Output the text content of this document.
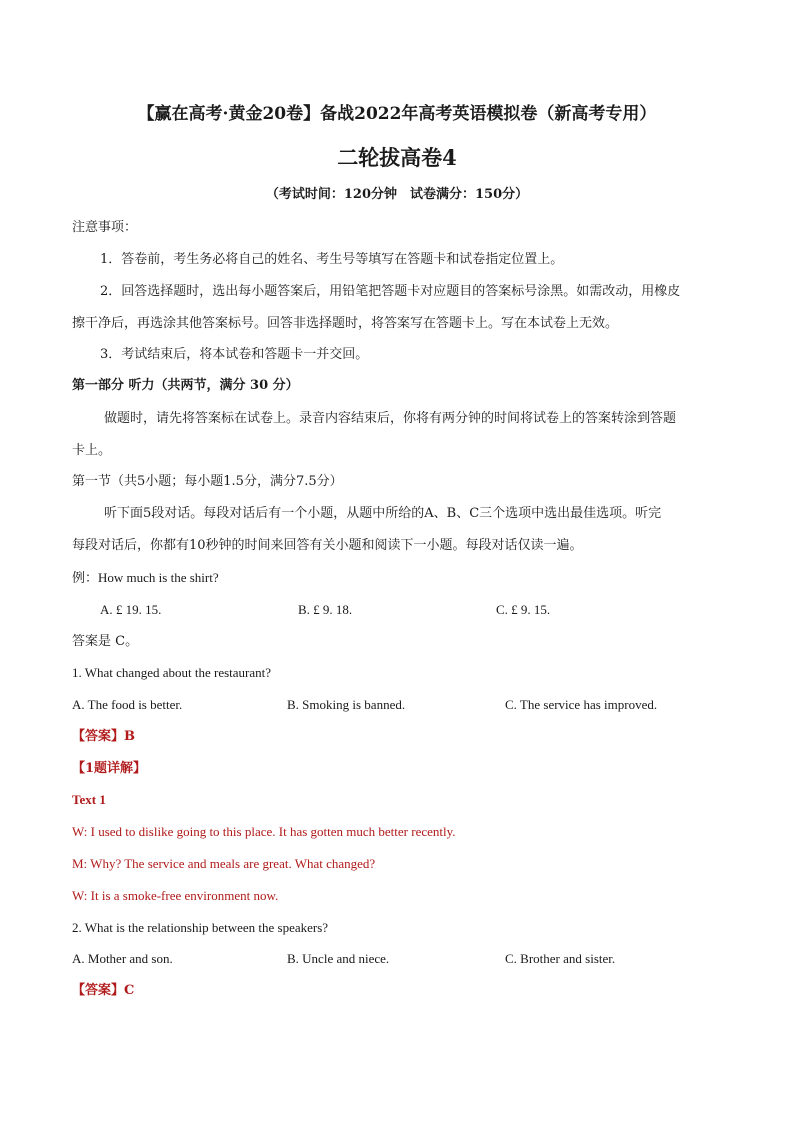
【赢在高考·黄金20卷】备战2022年高考英语模拟卷（新高考专用）
二轮拔高卷4
（考试时间：120分钟　试卷满分：150分）
注意事项：
1．答卷前，考生务必将自己的姓名、考生号等填写在答题卡和试卷指定位置上。
2．回答选择题时，选出每小题答案后，用铅笔把答题卡对应题目的答案标号涂黑。如需改动，用橡皮
擦干净后，再选涂其他答案标号。回答非选择题时，将答案写在答题卡上。写在本试卷上无效。
3．考试结束后，将本试卷和答题卡一并交回。
第一部分 听力（共两节，满分 30 分）
做题时，请先将答案标在试卷上。录音内容结束后，你将有两分钟的时间将试卷上的答案转涂到答题
卡上。
第一节（共5小题；每小题1.5分，满分7.5分）
听下面5段对话。每段对话后有一个小题，从题中所给的A、B、C三个选项中选出最佳选项。听完
每段对话后，你都有10秒钟的时间来回答有关小题和阅读下一小题。每段对话仅读一遍。
例：How much is the shirt?
A. £ 19. 15.	B. £ 9. 18.	C. £ 9. 15.
答案是 C。
1. What changed about the restaurant?
A. The food is better.	B. Smoking is banned.	C. The service has improved.
【答案】B
【1题详解】
Text 1
W: I used to dislike going to this place. It has gotten much better recently.
M: Why? The service and meals are great. What changed?
W: It is a smoke-free environment now.
2. What is the relationship between the speakers?
A. Mother and son.	B. Uncle and niece.	C. Brother and sister.
【答案】C
